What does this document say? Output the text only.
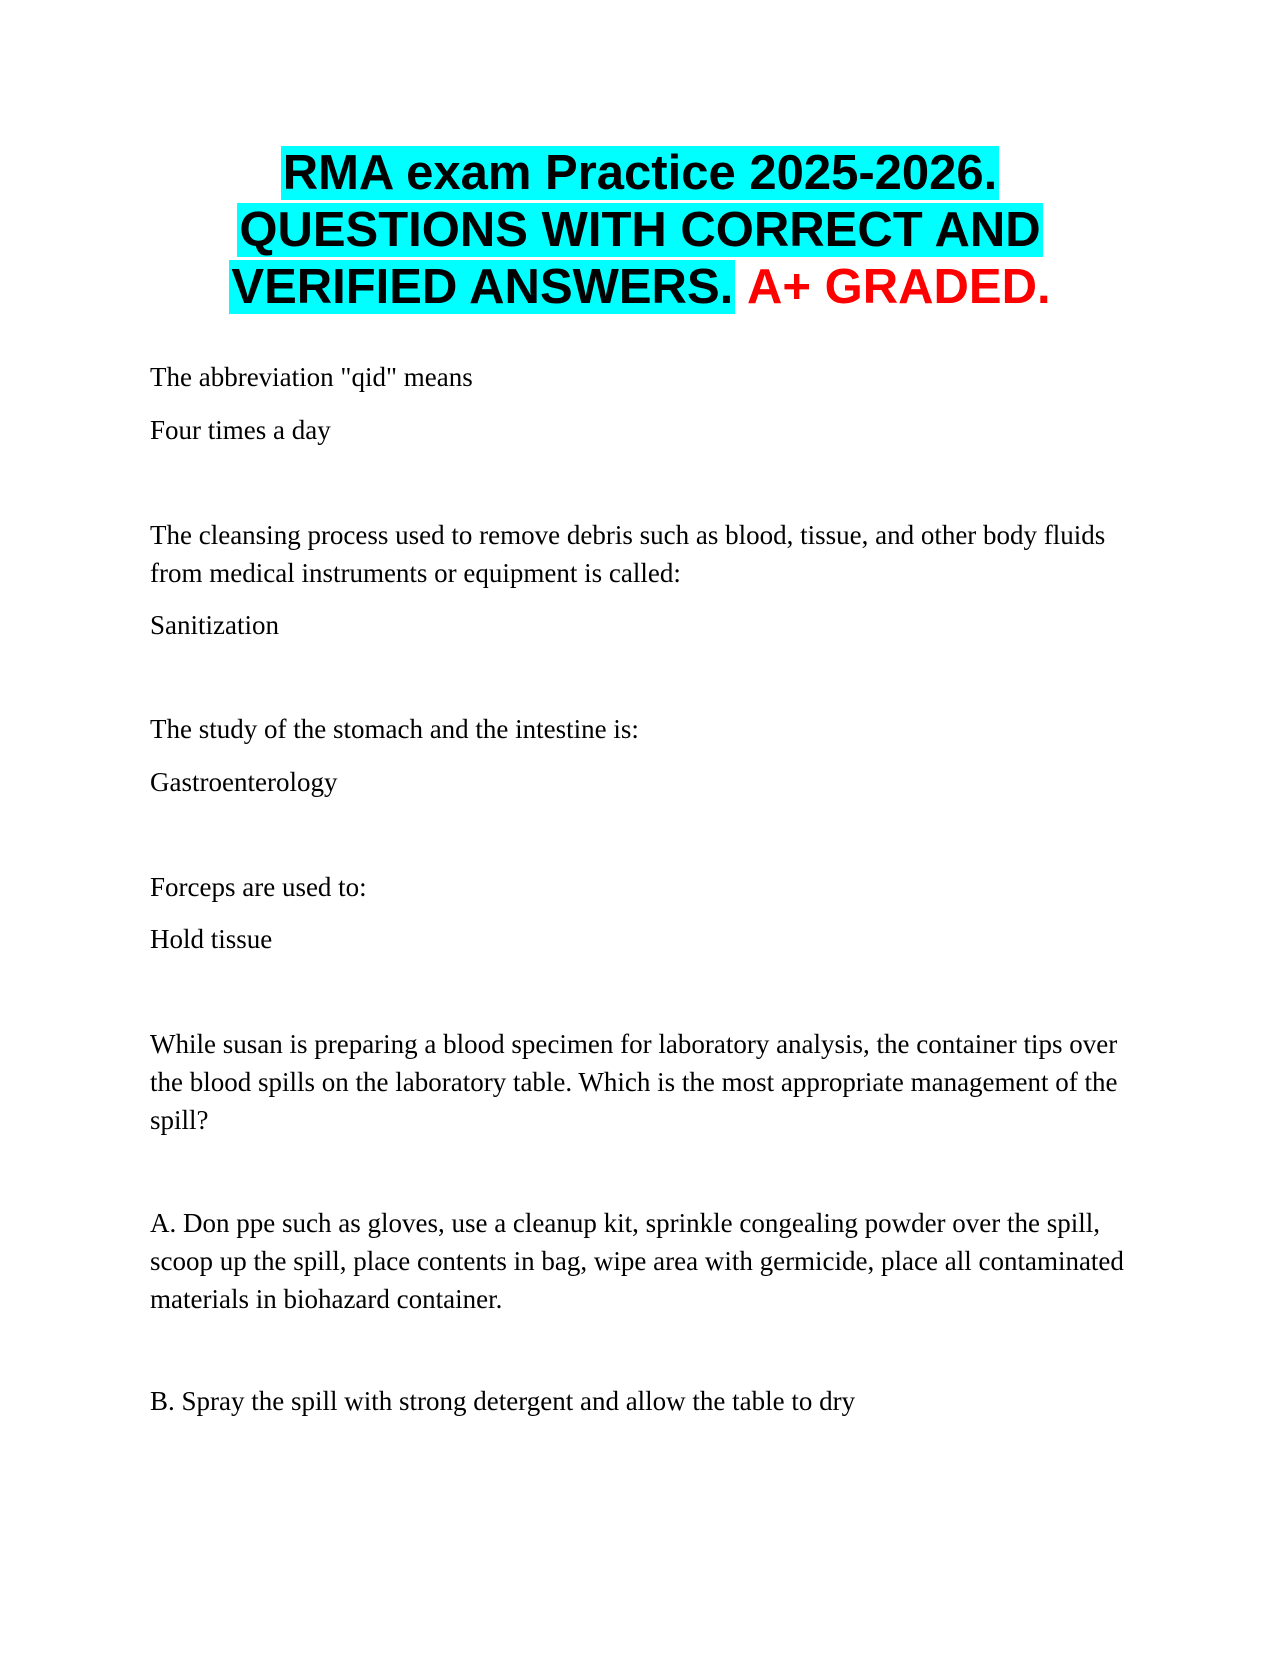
RMA exam Practice 2025-2026.
QUESTIONS WITH CORRECT AND
VERIFIED ANSWERS. A+ GRADED.

The abbreviation "qid" means

Four times a day

The cleansing process used to remove debris such as blood, tissue, and other body fluids from medical instruments or equipment is called:

Sanitization

The study of the stomach and the intestine is:

Gastroenterology

Forceps are used to:

Hold tissue

While susan is preparing a blood specimen for laboratory analysis, the container tips over the blood spills on the laboratory table. Which is the most appropriate management of the spill?

A. Don ppe such as gloves, use a cleanup kit, sprinkle congealing powder over the spill, scoop up the spill, place contents in bag, wipe area with germicide, place all contaminated materials in biohazard container.

B. Spray the spill with strong detergent and allow the table to dry
